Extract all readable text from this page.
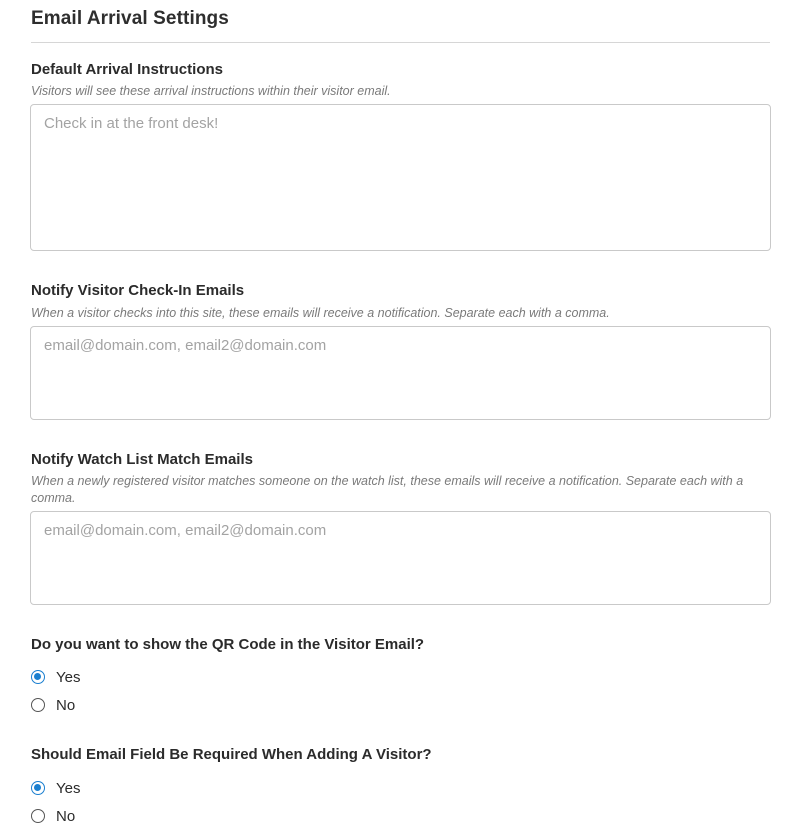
Email Arrival Settings
Default Arrival Instructions
Visitors will see these arrival instructions within their visitor email.
Check in at the front desk!
Notify Visitor Check-In Emails
When a visitor checks into this site, these emails will receive a notification. Separate each with a comma.
email@domain.com, email2@domain.com
Notify Watch List Match Emails
When a newly registered visitor matches someone on the watch list, these emails will receive a notification. Separate each with a comma.
email@domain.com, email2@domain.com
Do you want to show the QR Code in the Visitor Email?
Yes
No
Should Email Field Be Required When Adding A Visitor?
Yes
No
